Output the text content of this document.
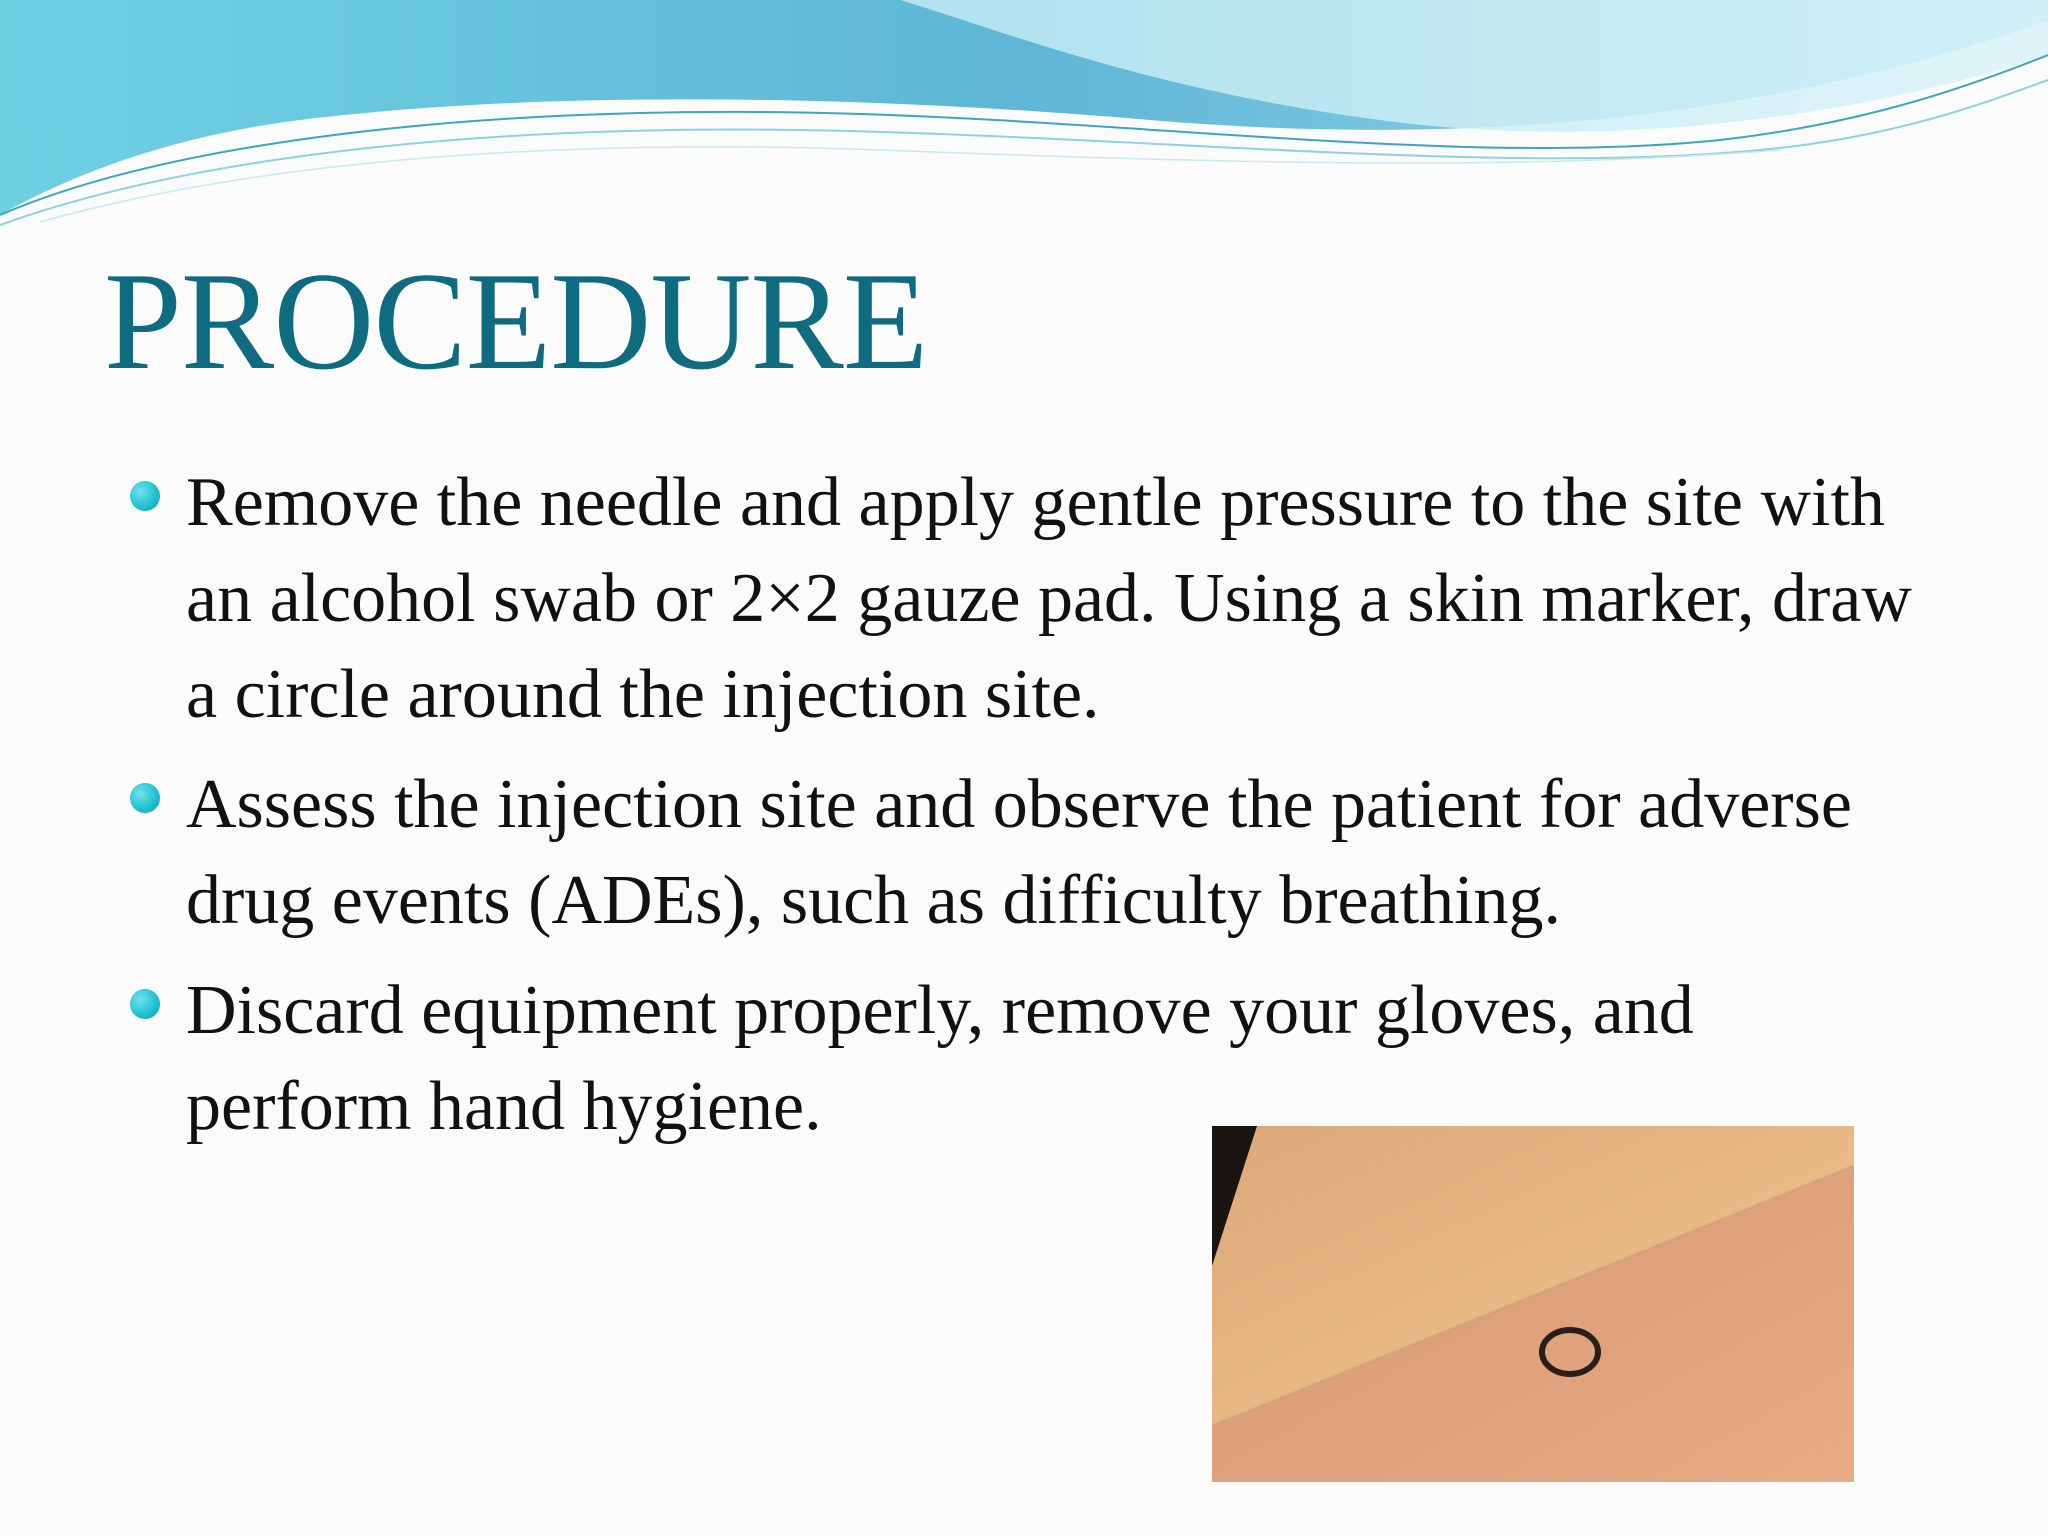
PROCEDURE
Remove the needle and apply gentle pressure to the site with an alcohol swab or 2×2 gauze pad. Using a skin marker, draw a circle around the injection site.
Assess the injection site and observe the patient for adverse drug events (ADEs), such as difficulty breathing.
Discard equipment properly, remove your gloves, and perform hand hygiene.
